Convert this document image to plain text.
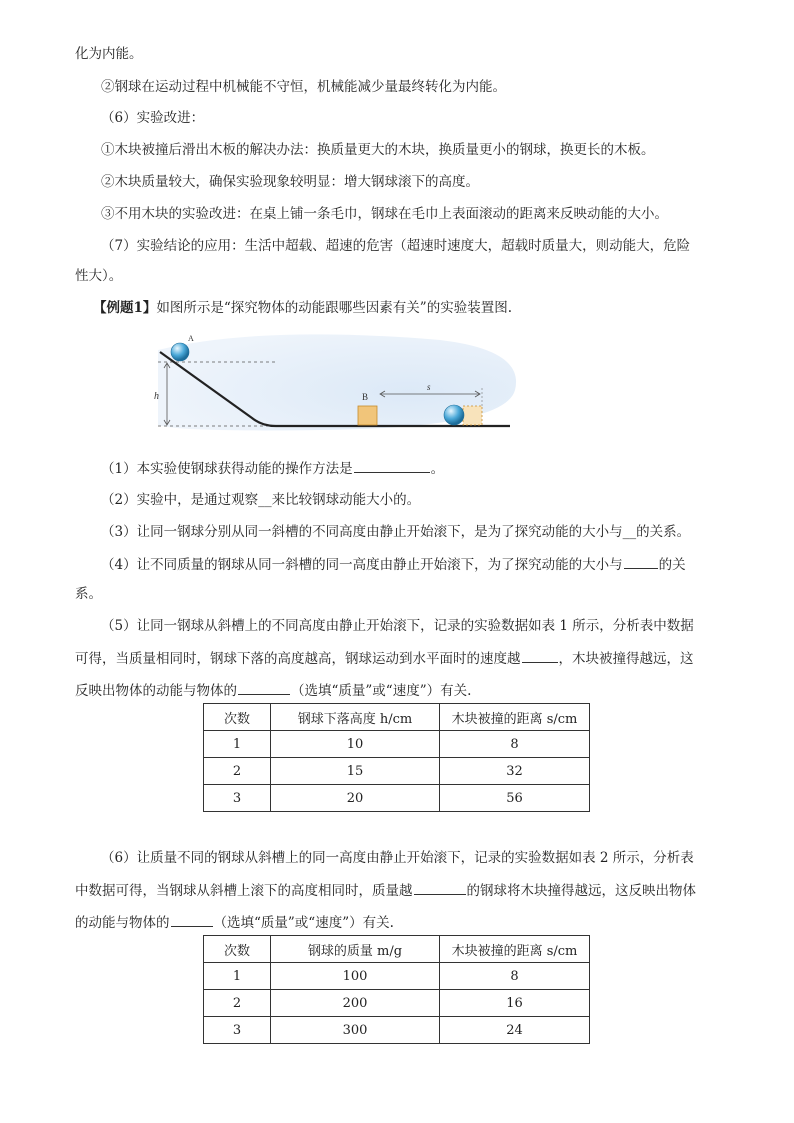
化为内能。
②钢球在运动过程中机械能不守恒，机械能减少量最终转化为内能。
（6）实验改进：
①木块被撞后滑出木板的解决办法：换质量更大的木块，换质量更小的钢球，换更长的木板。
②木块质量较大，确保实验现象较明显：增大钢球滚下的高度。
③不用木块的实验改进：在桌上铺一条毛巾，钢球在毛巾上表面滚动的距离来反映动能的大小。
（7）实验结论的应用：生活中超载、超速的危害（超速时速度大，超载时质量大，则动能大，危险
性大）。
【例题1】如图所示是“探究物体的动能跟哪些因素有关”的实验装置图.
h
A
B
s
（1）本实验使钢球获得动能的操作方法是	。
（2）实验中，是通过观察__来比较钢球动能大小的。
（3）让同一钢球分别从同一斜槽的不同高度由静止开始滚下，是为了探究动能的大小与__的关系。
（4）让不同质量的钢球从同一斜槽的同一高度由静止开始滚下，为了探究动能的大小与	的关
系。
（5）让同一钢球从斜槽上的不同高度由静止开始滚下，记录的实验数据如表 1 所示，分析表中数据
可得，当质量相同时，钢球下落的高度越高，钢球运动到水平面时的速度越	，木块被撞得越远，这
反映出物体的动能与物体的	（选填“质量”或“速度”）有关.
次数	钢球下落高度 h/cm	木块被撞的距离 s/cm
1	10	8
2	15	32
3	20	56
（6）让质量不同的钢球从斜槽上的同一高度由静止开始滚下，记录的实验数据如表 2 所示，分析表
中数据可得，当钢球从斜槽上滚下的高度相同时，质量越	的钢球将木块撞得越远，这反映出物体
的动能与物体的	（选填“质量”或“速度”）有关.
次数	钢球的质量 m/g	木块被撞的距离 s/cm
1	100	8
2	200	16
3	300	24
